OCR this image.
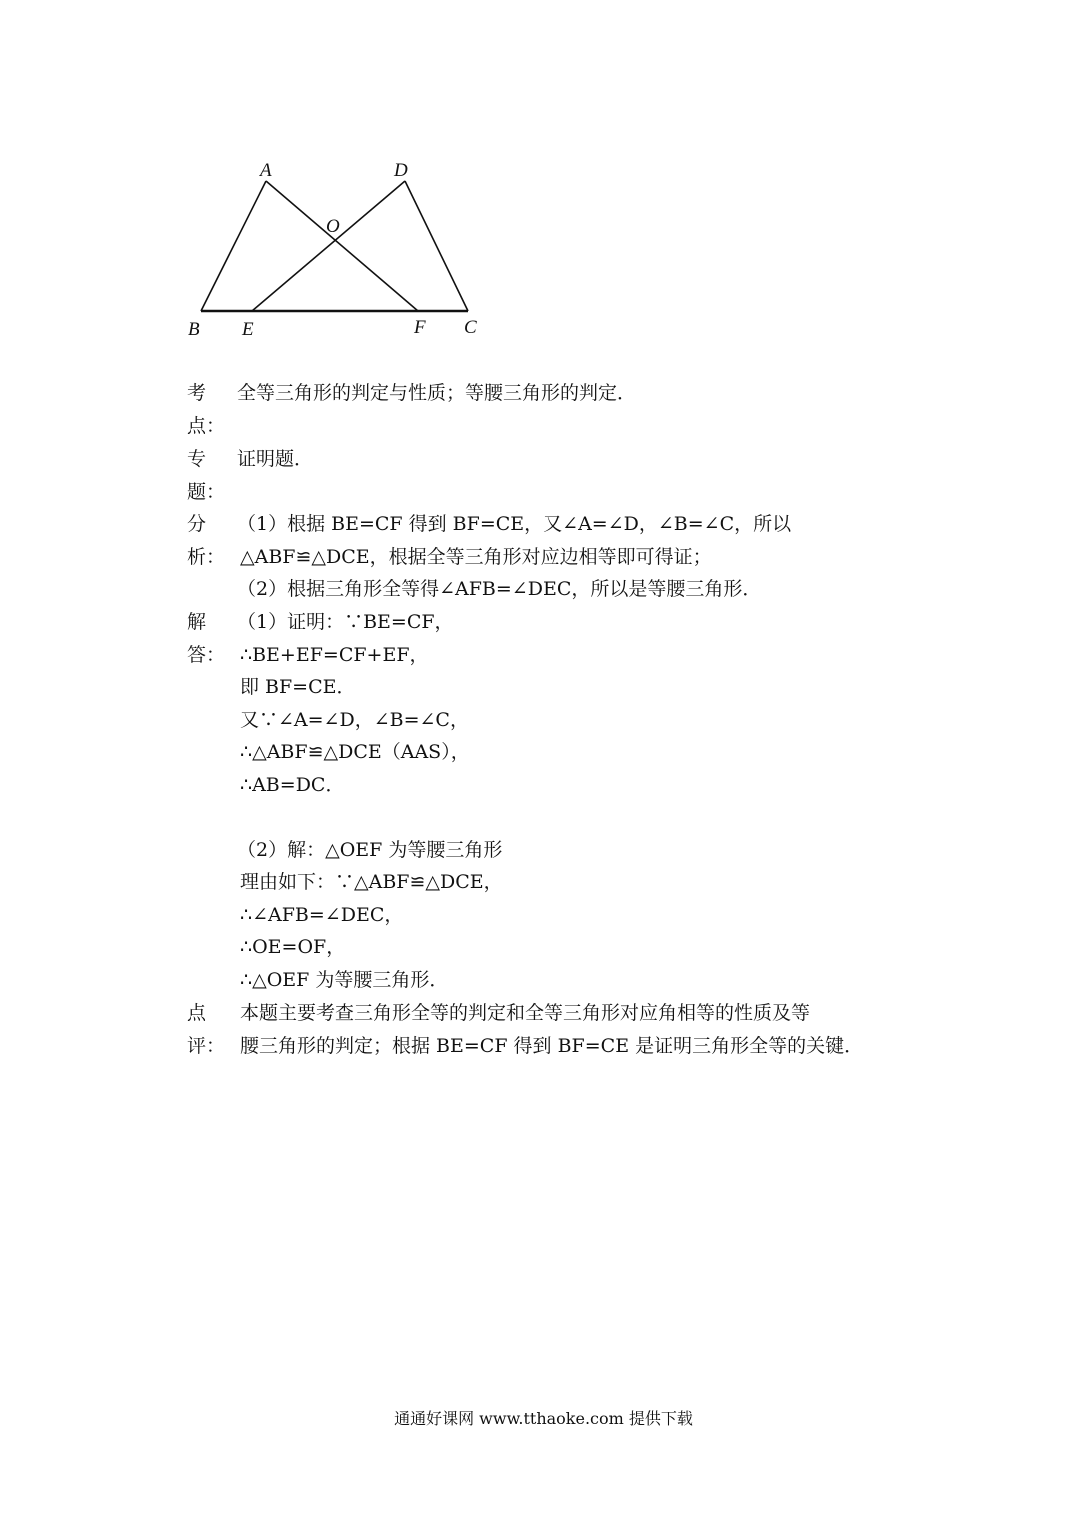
A	D
O
B E	F C
考
点：
全等三角形的判定与性质；等腰三角形的判定．
专
题：
证明题．
分
析：
（1）根据 BE=CF 得到 BF=CE，又∠A=∠D，∠B=∠C，所以
△ABF≌△DCE，根据全等三角形对应边相等即可得证；
（2）根据三角形全等得∠AFB=∠DEC，所以是等腰三角形．
解
答：
（1）证明：∵BE=CF，
∴BE+EF=CF+EF，
即 BF=CE．
又∵∠A=∠D，∠B=∠C，
∴△ABF≌△DCE（AAS），
∴AB=DC．
（2）解：△OEF 为等腰三角形
理由如下：∵△ABF≌△DCE，
∴∠AFB=∠DEC，
∴OE=OF，
∴△OEF 为等腰三角形．
点
评：
本题主要考查三角形全等的判定和全等三角形对应角相等的性质及等
腰三角形的判定；根据 BE=CF 得到 BF=CE 是证明三角形全等的关键．
通通好课网 www.tthaoke.com 提供下载
